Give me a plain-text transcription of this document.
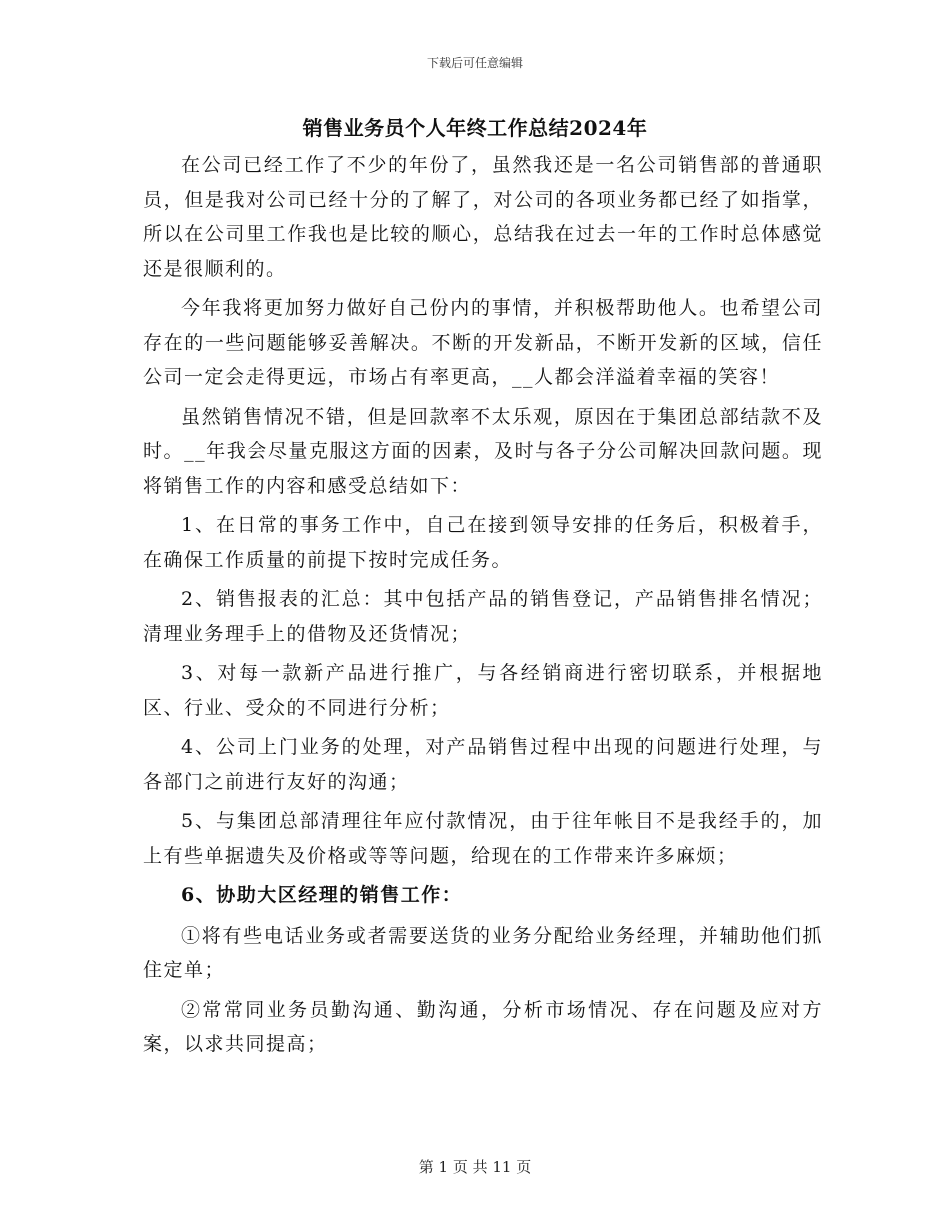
下载后可任意编辑
销售业务员个人年终工作总结2024年

在公司已经工作了不少的年份了，虽然我还是一名公司销售部的普通职员，但是我对公司已经十分的了解了，对公司的各项业务都已经了如指掌，所以在公司里工作我也是比较的顺心，总结我在过去一年的工作时总体感觉还是很顺利的。

今年我将更加努力做好自己份内的事情，并积极帮助他人。也希望公司存在的一些问题能够妥善解决。不断的开发新品，不断开发新的区域，信任公司一定会走得更远，市场占有率更高，__人都会洋溢着幸福的笑容！

虽然销售情况不错，但是回款率不太乐观，原因在于集团总部结款不及时。__年我会尽量克服这方面的因素，及时与各子分公司解决回款问题。现将销售工作的内容和感受总结如下：

1、在日常的事务工作中，自己在接到领导安排的任务后，积极着手，在确保工作质量的前提下按时完成任务。

2、销售报表的汇总：其中包括产品的销售登记，产品销售排名情况；清理业务理手上的借物及还货情况；

3、对每一款新产品进行推广，与各经销商进行密切联系，并根据地区、行业、受众的不同进行分析；

4、公司上门业务的处理，对产品销售过程中出现的问题进行处理，与各部门之前进行友好的沟通；

5、与集团总部清理往年应付款情况，由于往年帐目不是我经手的，加上有些单据遗失及价格或等等问题，给现在的工作带来许多麻烦；

6、协助大区经理的销售工作：

①将有些电话业务或者需要送货的业务分配给业务经理，并辅助他们抓住定单；

②常常同业务员勤沟通、勤沟通，分析市场情况、存在问题及应对方案，以求共同提高；

第 1 页 共 11 页
